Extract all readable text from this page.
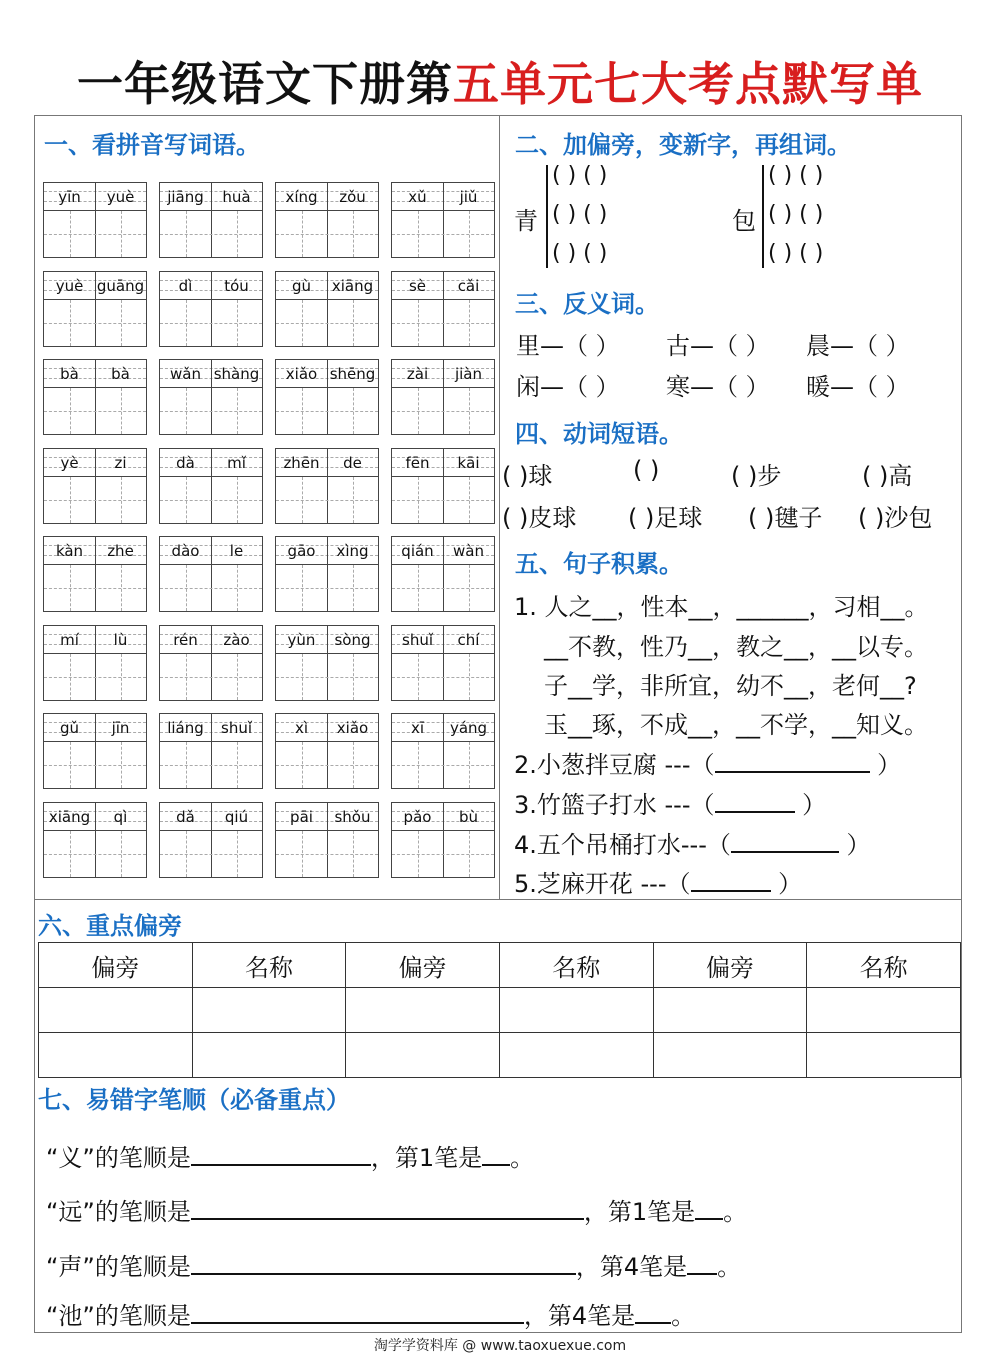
一年级语文下册第五单元七大考点默写单
一、看拼音写词语。
yīn	yuè	jiāng	huà	xíng	zǒu	xǔ	jiǔ
yuè guāng	dì	tóu	gù	xiāng	sè	cǎi
bà	bà	wǎn shàng	xiǎo shēng	zài	jiàn
yè	zi	dà	mǐ	zhēn	de	fēn	kāi
kàn	zhe	dào	le	gāo	xìng	qián	wàn
mí	lù	rén	zào	yùn	sòng	shuǐ	chí
gǔ	jīn	liáng	shuǐ	xì	xiǎo	xī	yáng
xiāng	qì	dǎ	qiú	pāi	shǒu	pǎo	bù
二、加偏旁，变新字，再组词。
青
( ) ( )
( ) ( )
( ) ( )
包
( ) ( )
( ) ( )
( ) ( )
三、反义词。
里—（ ） 古—（ ） 晨—（ ）
闲—（ ） 寒—（ ） 暖—（ ）
四、动词短语。
( )球	( )	( )步	( )高
( )皮球 ( )足球 ( )毽子 ( )沙包
五、句子积累。
1. 人之__，性本__，______，习相__。
__不教，性乃__，教之__，__以专。
子__学，非所宜，幼不__，老何__?
玉__琢，不成__，__不学，__知义。
2.小葱拌豆腐 ---（	）
3.竹篮子打水 ---（	）
4.五个吊桶打水---（	）
5.芝麻开花 ---（	）
六、重点偏旁
偏旁	名称	偏旁	名称	偏旁	名称

七、易错字笔顺（必备重点）
“义”的笔顺是	，第1笔是 。
“远”的笔顺是	，第1笔是 。
“声”的笔顺是	，第4笔是 。
“池”的笔顺是	，第4笔是 。
淘学学资料库 @ www.taoxuexue.com
